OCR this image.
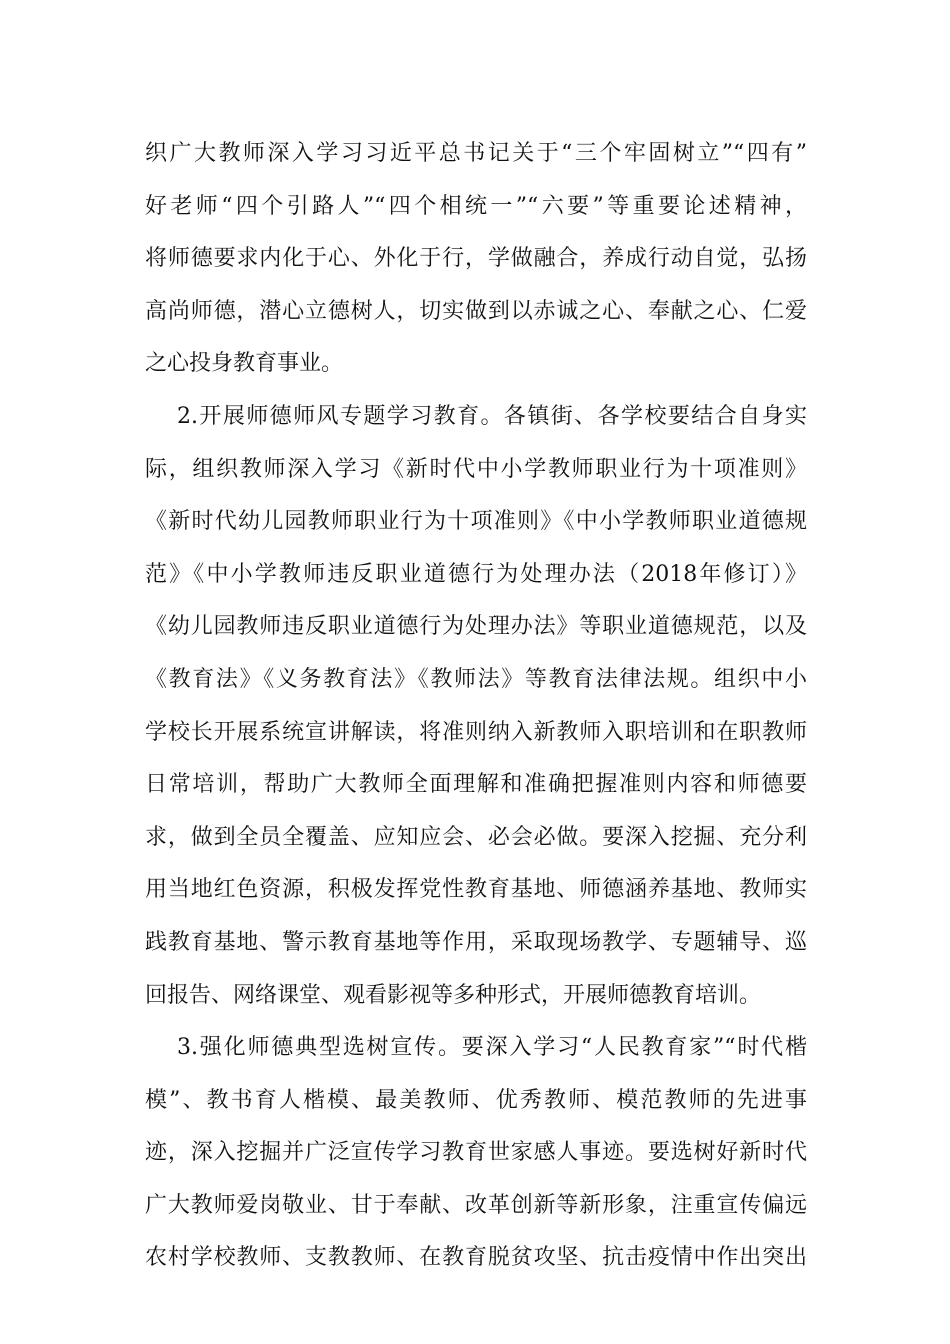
织广大教师深入学习习近平总书记关于“三个牢固树立”“四有”
好老师“四个引路人”“四个相统一”“六要”等重要论述精神，
将师德要求内化于心、外化于行，学做融合，养成行动自觉，弘扬
高尚师德，潜心立德树人，切实做到以赤诚之心、奉献之心、仁爱
之心投身教育事业。
2.开展师德师风专题学习教育。各镇街、各学校要结合自身实
际，组织教师深入学习《新时代中小学教师职业行为十项准则》
《新时代幼儿园教师职业行为十项准则》《中小学教师职业道德规
范》《中小学教师违反职业道德行为处理办法（2018年修订）》
《幼儿园教师违反职业道德行为处理办法》等职业道德规范，以及
《教育法》《义务教育法》《教师法》等教育法律法规。组织中小
学校长开展系统宣讲解读，将准则纳入新教师入职培训和在职教师
日常培训，帮助广大教师全面理解和准确把握准则内容和师德要
求，做到全员全覆盖、应知应会、必会必做。要深入挖掘、充分利
用当地红色资源，积极发挥党性教育基地、师德涵养基地、教师实
践教育基地、警示教育基地等作用，采取现场教学、专题辅导、巡
回报告、网络课堂、观看影视等多种形式，开展师德教育培训。
3.强化师德典型选树宣传。要深入学习“人民教育家”“时代楷
模”、教书育人楷模、最美教师、优秀教师、模范教师的先进事
迹，深入挖掘并广泛宣传学习教育世家感人事迹。要选树好新时代
广大教师爱岗敬业、甘于奉献、改革创新等新形象，注重宣传偏远
农村学校教师、支教教师、在教育脱贫攻坚、抗击疫情中作出突出
